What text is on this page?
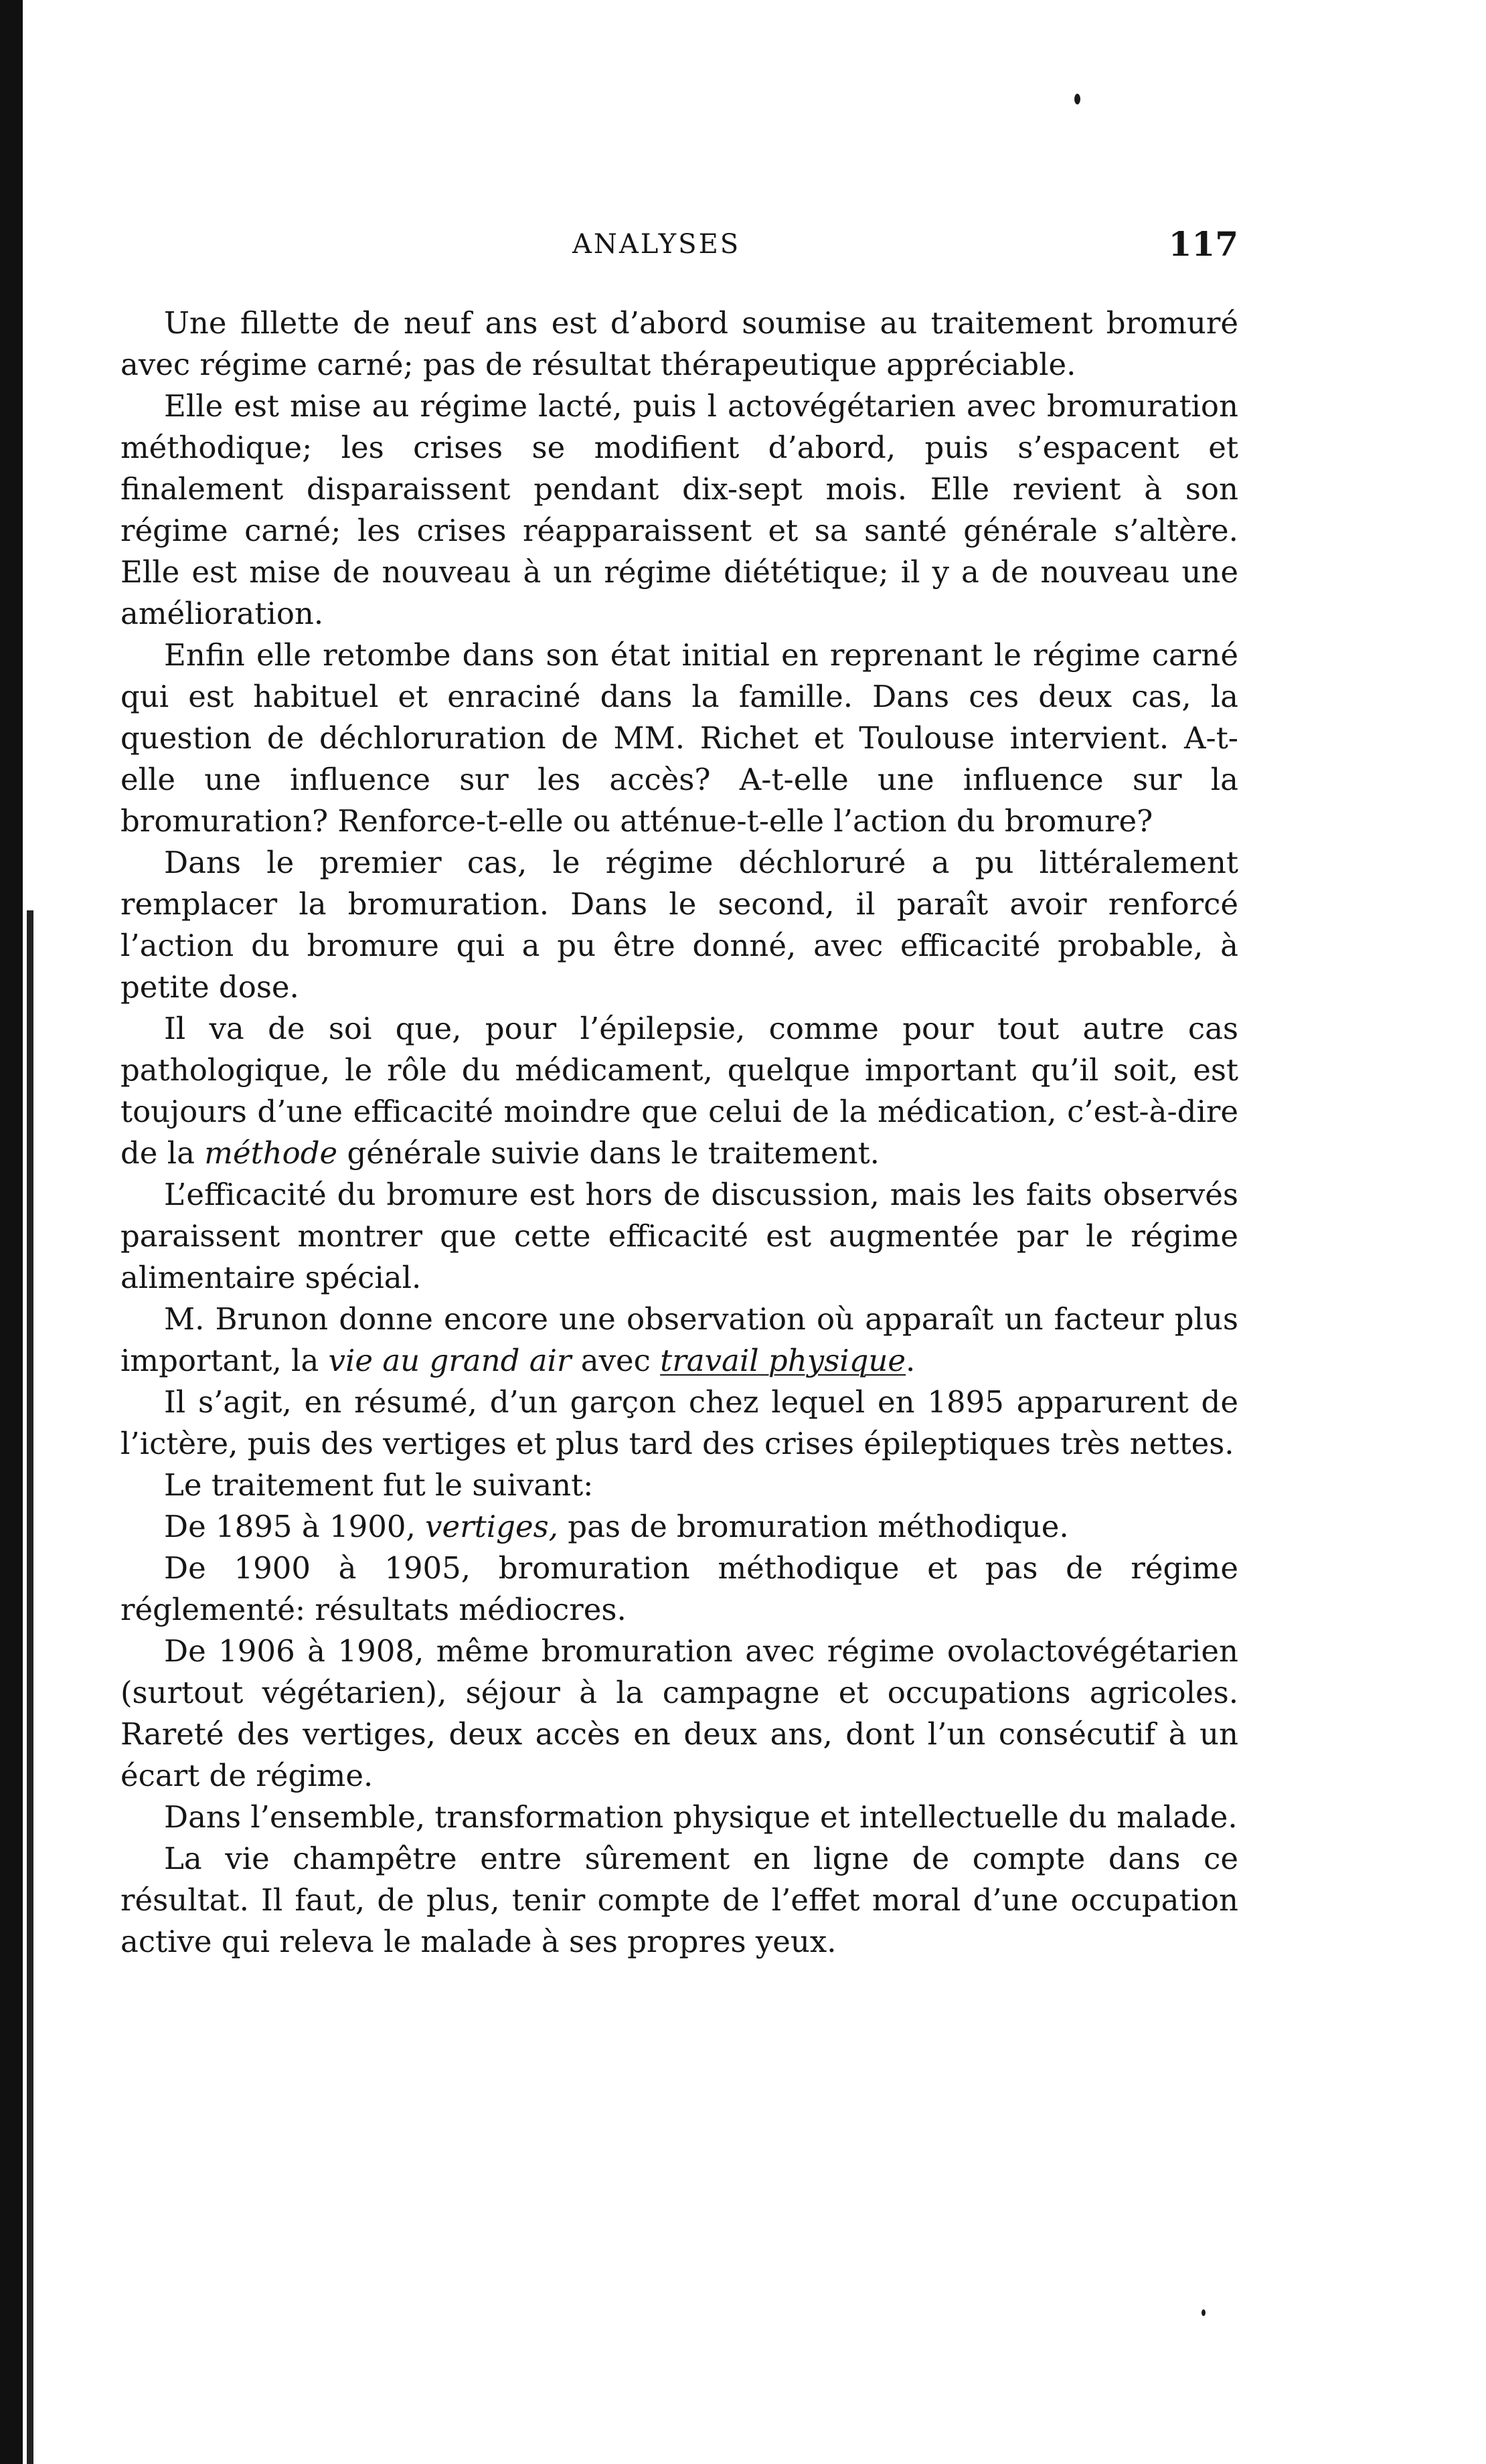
ANALYSES	117

Une fillette de neuf ans est d’abord soumise au traitement bromuré avec régime carné; pas de résultat thérapeutique appréciable.

Elle est mise au régime lacté, puis l actovégétarien avec bromuration méthodique; les crises se modifient d’abord, puis s’espacent et finalement disparaissent pendant dix-sept mois. Elle revient à son régime carné; les crises réapparaissent et sa santé générale s’altère. Elle est mise de nouveau à un régime diététique; il y a de nouveau une amélioration.

Enfin elle retombe dans son état initial en reprenant le régime carné qui est habituel et enraciné dans la famille. Dans ces deux cas, la question de déchloruration de MM. Richet et Toulouse intervient. A-t-elle une influence sur les accès? A-t-elle une influence sur la bromuration? Renforce-t-elle ou atténue-t-elle l’action du bromure?

Dans le premier cas, le régime déchloruré a pu littéralement remplacer la bromuration. Dans le second, il paraît avoir renforcé l’action du bromure qui a pu être donné, avec efficacité probable, à petite dose.

Il va de soi que, pour l’épilepsie, comme pour tout autre cas pathologique, le rôle du médicament, quelque important qu’il soit, est toujours d’une efficacité moindre que celui de la médication, c’est-à-dire de la méthode générale suivie dans le traitement.

L’efficacité du bromure est hors de discussion, mais les faits observés paraissent montrer que cette efficacité est augmentée par le régime alimentaire spécial.

M. Brunon donne encore une observation où apparaît un facteur plus important, la vie au grand air avec travail physique.

Il s’agit, en résumé, d’un garçon chez lequel en 1895 apparurent de l’ictère, puis des vertiges et plus tard des crises épileptiques très nettes.

Le traitement fut le suivant:

De 1895 à 1900, vertiges, pas de bromuration méthodique.

De 1900 à 1905, bromuration méthodique et pas de régime réglementé: résultats médiocres.

De 1906 à 1908, même bromuration avec régime ovolactovégétarien (surtout végétarien), séjour à la campagne et occupations agricoles. Rareté des vertiges, deux accès en deux ans, dont l’un consécutif à un écart de régime.

Dans l’ensemble, transformation physique et intellectuelle du malade.

La vie champêtre entre sûrement en ligne de compte dans ce résultat. Il faut, de plus, tenir compte de l’effet moral d’une occupation active qui releva le malade à ses propres yeux.
